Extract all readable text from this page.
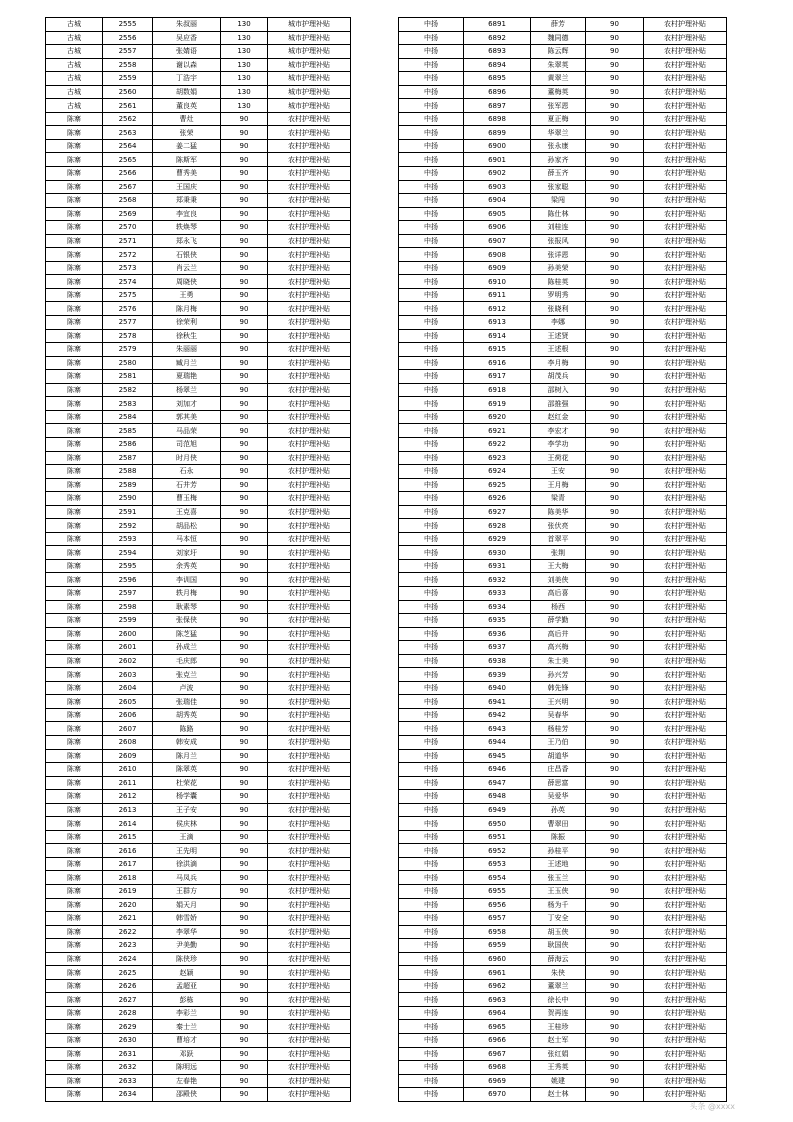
古城	2555	朱叔丽	130	城市护理补贴
古城	2556	吴应香	130	城市护理补贴
古城	2557	张婧语	130	城市护理补贴
古城	2558	谢以森	130	城市护理补贴
古城	2559	丁浩宇	130	城市护理补贴
古城	2560	胡数娟	130	城市护理补贴
古城	2561	董良英	130	城市护理补贴
陈寨	2562	曹灶	90	农村护理补贴
陈寨	2563	张荣	90	农村护理补贴
陈寨	2564	姜二猛	90	农村护理补贴
陈寨	2565	陈斯军	90	农村护理补贴
陈寨	2566	曹秀美	90	农村护理补贴
陈寨	2567	王国庆	90	农村护理补贴
陈寨	2568	郑秉秉	90	农村护理补贴
陈寨	2569	李宜良	90	农村护理补贴
陈寨	2570	轶焕琴	90	农村护理补贴
陈寨	2571	郑永飞	90	农村护理补贴
陈寨	2572	石银侠	90	农村护理补贴
陈寨	2573	肖云兰	90	农村护理补贴
陈寨	2574	周晓侠	90	农村护理补贴
陈寨	2575	王勇	90	农村护理补贴
陈寨	2576	陈月梅	90	农村护理补贴
陈寨	2577	徐荣利	90	农村护理补贴
陈寨	2578	徐秋生	90	农村护理补贴
陈寨	2579	朱丽丽	90	农村护理补贴
陈寨	2580	臧月兰	90	农村护理补贴
陈寨	2581	夏瑞艳	90	农村护理补贴
陈寨	2582	杨翠兰	90	农村护理补贴
陈寨	2583	刘加才	90	农村护理补贴
陈寨	2584	郭其美	90	农村护理补贴
陈寨	2585	马品荣	90	农村护理补贴
陈寨	2586	司范旭	90	农村护理补贴
陈寨	2587	时月侠	90	农村护理补贴
陈寨	2588	石永	90	农村护理补贴
陈寨	2589	石井芳	90	农村护理补贴
陈寨	2590	曹玉梅	90	农村护理补贴
陈寨	2591	王克喜	90	农村护理补贴
陈寨	2592	胡品松	90	农村护理补贴
陈寨	2593	马本恒	90	农村护理补贴
陈寨	2594	刘家圩	90	农村护理补贴
陈寨	2595	余秀英	90	农村护理补贴
陈寨	2596	李训国	90	农村护理补贴
陈寨	2597	轶月梅	90	农村护理补贴
陈寨	2598	耿素琴	90	农村护理补贴
陈寨	2599	张保侠	90	农村护理补贴
陈寨	2600	陈芝猛	90	农村护理补贴
陈寨	2601	孙成兰	90	农村护理补贴
陈寨	2602	毛庆郎	90	农村护理补贴
陈寨	2603	张克兰	90	农村护理补贴
陈寨	2604	卢波	90	农村护理补贴
陈寨	2605	张瑞佳	90	农村护理补贴
陈寨	2606	胡秀英	90	农村护理补贴
陈寨	2607	陈路	90	农村护理补贴
陈寨	2608	韩安成	90	农村护理补贴
陈寨	2609	陈月兰	90	农村护理补贴
陈寨	2610	陈翠英	90	农村护理补贴
陈寨	2611	杜荣花	90	农村护理补贴
陈寨	2612	杨学囊	90	农村护理补贴
陈寨	2613	王子安	90	农村护理补贴
陈寨	2614	侯庆林	90	农村护理补贴
陈寨	2615	王滴	90	农村护理补贴
陈寨	2616	王先明	90	农村护理补贴
陈寨	2617	徐洪滴	90	农村护理补贴
陈寨	2618	马凤兵	90	农村护理补贴
陈寨	2619	王群方	90	农村护理补贴
陈寨	2620	娟天月	90	农村护理补贴
陈寨	2621	韩雪娇	90	农村护理补贴
陈寨	2622	李翠华	90	农村护理补贴
陈寨	2623	尹美勤	90	农村护理补贴
陈寨	2624	陈侠珍	90	农村护理补贴
陈寨	2625	赵颖	90	农村护理补贴
陈寨	2626	孟超亚	90	农村护理补贴
陈寨	2627	彭栋	90	农村护理补贴
陈寨	2628	李彩兰	90	农村护理补贴
陈寨	2629	秦士兰	90	农村护理补贴
陈寨	2630	曹培才	90	农村护理补贴
陈寨	2631	邓跃	90	农村护理补贴
陈寨	2632	陈明远	90	农村护理补贴
陈寨	2633	左春艳	90	农村护理补贴
陈寨	2634	邵殿侠	90	农村护理补贴
中扬	6891	薛芳	90	农村护理补贴
中扬	6892	魏同德	90	农村护理补贴
中扬	6893	陈云辉	90	农村护理补贴
中扬	6894	朱翠英	90	农村护理补贴
中扬	6895	黄翠兰	90	农村护理补贴
中扬	6896	董梅英	90	农村护理补贴
中扬	6897	张军恩	90	农村护理补贴
中扬	6898	夏正梅	90	农村护理补贴
中扬	6899	华翠兰	90	农村护理补贴
中扬	6900	张永康	90	农村护理补贴
中扬	6901	孙家齐	90	农村护理补贴
中扬	6902	薛玉齐	90	农村护理补贴
中扬	6903	张家聪	90	农村护理补贴
中扬	6904	梁闯	90	农村护理补贴
中扬	6905	陈仕林	90	农村护理补贴
中扬	6906	刘桂连	90	农村护理补贴
中扬	6907	张报风	90	农村护理补贴
中扬	6908	张详恩	90	农村护理补贴
中扬	6909	孙美荣	90	农村护理补贴
中扬	6910	陈桂英	90	农村护理补贴
中扬	6911	罗明秀	90	农村护理补贴
中扬	6912	张晓利	90	农村护理补贴
中扬	6913	李娜	90	农村护理补贴
中扬	6914	王述贤	90	农村护理补贴
中扬	6915	王述根	90	农村护理补贴
中扬	6916	李月梅	90	农村护理补贴
中扬	6917	胡茂兵	90	农村护理补贴
中扬	6918	邵树入	90	农村护理补贴
中扬	6919	邵推强	90	农村护理补贴
中扬	6920	赵红金	90	农村护理补贴
中扬	6921	李宏才	90	农村护理补贴
中扬	6922	李学功	90	农村护理补贴
中扬	6923	王荷花	90	农村护理补贴
中扬	6924	王安	90	农村护理补贴
中扬	6925	王月梅	90	农村护理补贴
中扬	6926	梁青	90	农村护理补贴
中扬	6927	陈美华	90	农村护理补贴
中扬	6928	张伏亮	90	农村护理补贴
中扬	6929	首翠平	90	农村护理补贴
中扬	6930	张荆	90	农村护理补贴
中扬	6931	王大梅	90	农村护理补贴
中扬	6932	刘美侠	90	农村护理补贴
中扬	6933	高后喜	90	农村护理补贴
中扬	6934	杨西	90	农村护理补贴
中扬	6935	薛学勤	90	农村护理补贴
中扬	6936	高后井	90	农村护理补贴
中扬	6937	高兴梅	90	农村护理补贴
中扬	6938	朱士美	90	农村护理补贴
中扬	6939	孙兴芳	90	农村护理补贴
中扬	6940	韩先锋	90	农村护理补贴
中扬	6941	王兴明	90	农村护理补贴
中扬	6942	吴春华	90	农村护理补贴
中扬	6943	杨桂芳	90	农村护理补贴
中扬	6944	王乃伯	90	农村护理补贴
中扬	6945	胡道华	90	农村护理补贴
中扬	6946	庄昌香	90	农村护理补贴
中扬	6947	薛思富	90	农村护理补贴
中扬	6948	吴爱华	90	农村护理补贴
中扬	6949	孙英	90	农村护理补贴
中扬	6950	曹翠田	90	农村护理补贴
中扬	6951	陈振	90	农村护理补贴
中扬	6952	孙桂平	90	农村护理补贴
中扬	6953	王述地	90	农村护理补贴
中扬	6954	张玉兰	90	农村护理补贴
中扬	6955	王玉侠	90	农村护理补贴
中扬	6956	杨为千	90	农村护理补贴
中扬	6957	丁安全	90	农村护理补贴
中扬	6958	胡玉侠	90	农村护理补贴
中扬	6959	耿国侠	90	农村护理补贴
中扬	6960	薛海云	90	农村护理补贴
中扬	6961	朱侠	90	农村护理补贴
中扬	6962	董翠兰	90	农村护理补贴
中扬	6963	徐长中	90	农村护理补贴
中扬	6964	贺再连	90	农村护理补贴
中扬	6965	王桂珍	90	农村护理补贴
中扬	6966	赵士军	90	农村护理补贴
中扬	6967	张红娟	90	农村护理补贴
中扬	6968	王秀英	90	农村护理补贴
中扬	6969	姚建	90	农村护理补贴
中扬	6970	赵士林	90	农村护理补贴
头条 @xxxx
